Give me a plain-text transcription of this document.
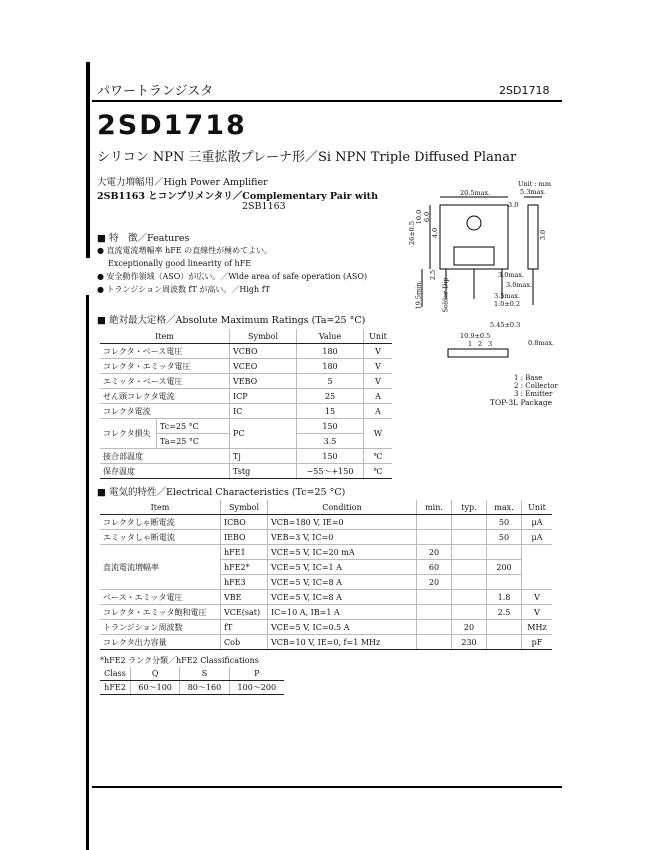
パワートランジスタ	2SD1718
2SD1718
シリコン NPN 三重拡散プレーナ形／Si NPN Triple Diffused Planar
大電力増幅用／High Power Amplifier
2SB1163 とコンプリメンタリ／Complementary Pair with
2SB1163
■ 特　徴／Features
● 直流電流増幅率 hFE の直線性が極めてよい。
Exceptionally good linearity of hFE
● 安全動作領域（ASO）が広い。／Wide area of safe operation (ASO)
● トランジション周波数 fT が高い。／High fT
■ 絶対最大定格／Absolute Maximum Ratings (Ta=25 °C)
Item		Symbol	Value	Unit
コレクタ・ベース電圧		VCBO	180	V
コレクタ・エミッタ電圧		VCEO	180	V
エミッタ・ベース電圧		VEBO	5	V
せん頭コレクタ電流		ICP	25	A
コレクタ電流		IC	15	A
コレクタ損失	Tc=25 °C	PC	150	W
	Ta=25 °C		3.5	
接合部温度		Tj	150	℃
保存温度		Tstg	−55～+150	℃
Unit : mm
5.3max.
20.5max.
3.0
26±0.5
10.0 6.0
4.0	3.0
2.5
19.5min.	Solder Dip
3.0max.
3.0max.
3.5max.
1.0±0.2
5.45±0.3
10.9±0.5
0.8max.
1 2 3
1 : Base
2 : Collector
3 : Emitter
TOP-3L Package
■ 電気的特性／Electrical Characteristics (Tc=25 °C)
Item	Symbol	Condition	min.	typ.	max.	Unit
コレクタしゃ断電流	ICBO	VCB=180 V, IE=0			50	μA
エミッタしゃ断電流	IEBO	VEB=3 V, IC=0			50	μA
直流電流増幅率	hFE1	VCE=5 V, IC=20 mA	20			
	hFE2*	VCE=5 V, IC=1 A	60		200	
	hFE3	VCE=5 V, IC=8 A	20			
ベース・エミッタ電圧	VBE	VCE=5 V, IC=8 A			1.8	V
コレクタ・エミッタ飽和電圧	VCE(sat)	IC=10 A, IB=1 A			2.5	V
トランジション周波数	fT	VCE=5 V, IC=0.5 A		20		MHz
コレクタ出力容量	Cob	VCB=10 V, IE=0, f=1 MHz		230		pF
*hFE2 ランク分類／hFE2 Classifications
Class	Q	S	P
hFE2	60～100	80～160	100～200
